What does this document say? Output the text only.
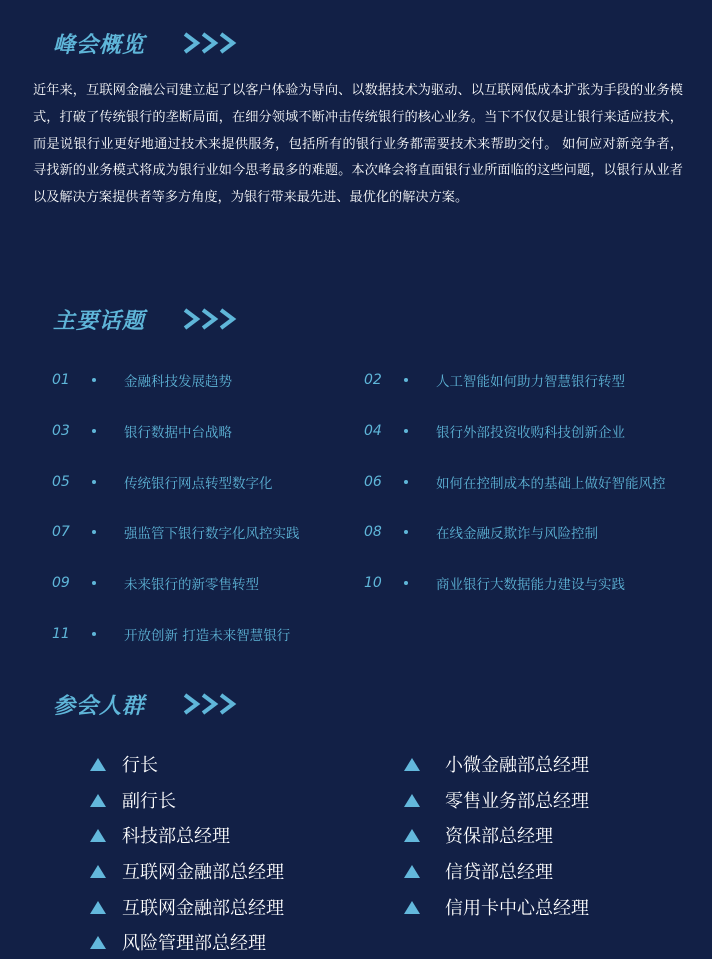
峰会概览

近年来，互联网金融公司建立起了以客户体验为导向、以数据技术为驱动、以互联网低成本扩张为手段的业务模式，打破了传统银行的垄断局面，在细分领域不断冲击传统银行的核心业务。当下不仅仅是让银行来适应技术，而是说银行业更好地通过技术来提供服务，包括所有的银行业务都需要技术来帮助交付。 如何应对新竞争者，寻找新的业务模式将成为银行业如今思考最多的难题。本次峰会将直面银行业所面临的这些问题，以银行从业者以及解决方案提供者等多方角度，为银行带来最先进、最优化的解决方案。

主要话题
01	金融科技发展趋势	02	人工智能如何助力智慧银行转型
03	银行数据中台战略	04	银行外部投资收购科技创新企业
05	传统银行网点转型数字化	06	如何在控制成本的基础上做好智能风控
07	强监管下银行数字化风控实践	08	在线金融反欺诈与风险控制
09	未来银行的新零售转型	10	商业银行大数据能力建设与实践
11	开放创新 打造未来智慧银行
参会人群
行长	小微金融部总经理
副行长	零售业务部总经理
科技部总经理	资保部总经理
互联网金融部总经理	信贷部总经理
互联网金融部总经理	信用卡中心总经理
风险管理部总经理
